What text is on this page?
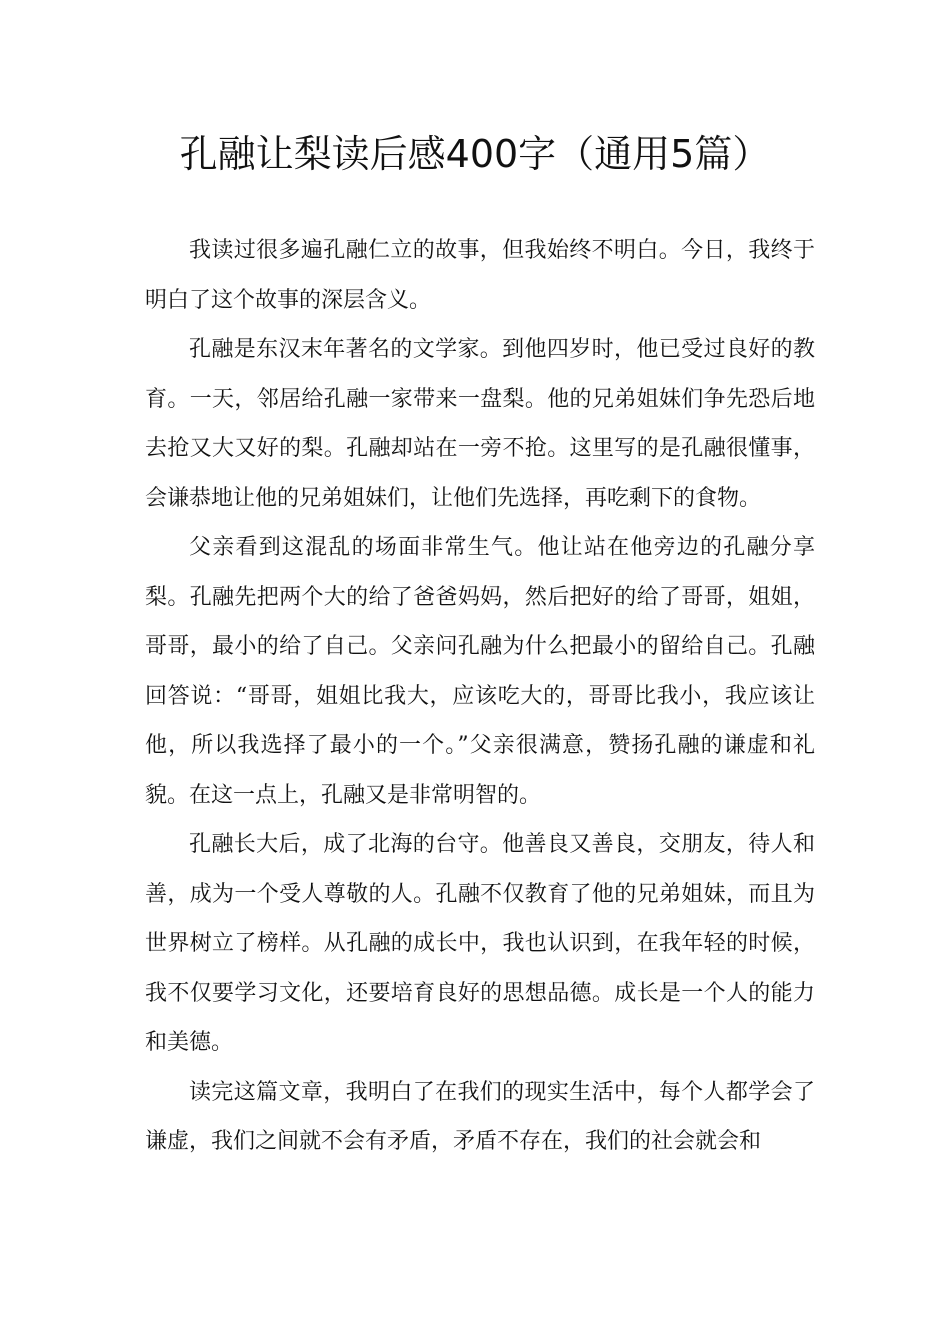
孔融让梨读后感400字（通用5篇）

我读过很多遍孔融仁立的故事，但我始终不明白。今日，我终于明白了这个故事的深层含义。

孔融是东汉末年著名的文学家。到他四岁时，他已受过良好的教育。一天，邻居给孔融一家带来一盘梨。他的兄弟姐妹们争先恐后地去抢又大又好的梨。孔融却站在一旁不抢。这里写的是孔融很懂事，会谦恭地让他的兄弟姐妹们，让他们先选择，再吃剩下的食物。

父亲看到这混乱的场面非常生气。他让站在他旁边的孔融分享梨。孔融先把两个大的给了爸爸妈妈，然后把好的给了哥哥，姐姐，哥哥，最小的给了自己。父亲问孔融为什么把最小的留给自己。孔融回答说：“哥哥，姐姐比我大，应该吃大的，哥哥比我小，我应该让他，所以我选择了最小的一个。”父亲很满意，赞扬孔融的谦虚和礼貌。在这一点上，孔融又是非常明智的。

孔融长大后，成了北海的台守。他善良又善良，交朋友，待人和善，成为一个受人尊敬的人。孔融不仅教育了他的兄弟姐妹，而且为世界树立了榜样。从孔融的成长中，我也认识到，在我年轻的时候，我不仅要学习文化，还要培育良好的思想品德。成长是一个人的能力和美德。

读完这篇文章，我明白了在我们的现实生活中，每个人都学会了谦虚，我们之间就不会有矛盾，矛盾不存在，我们的社会就会和
